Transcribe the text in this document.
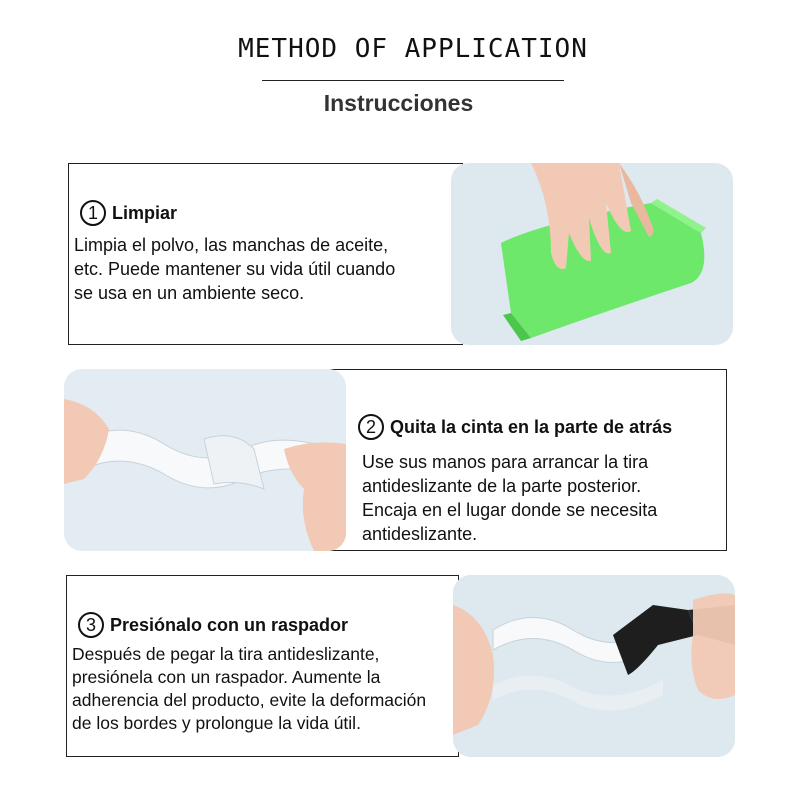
METHOD OF APPLICATION
Instrucciones
1 Limpiar
Limpia el polvo, las manchas de aceite,
etc. Puede mantener su vida útil cuando
se usa en un ambiente seco.
2 Quita la cinta en la parte de atrás
Use sus manos para arrancar la tira
antideslizante de la parte posterior.
Encaja en el lugar donde se necesita
antideslizante.
3 Presiónalo con un raspador
Después de pegar la tira antideslizante,
presiónela con un raspador. Aumente la
adherencia del producto, evite la deformación
de los bordes y prolongue la vida útil.
